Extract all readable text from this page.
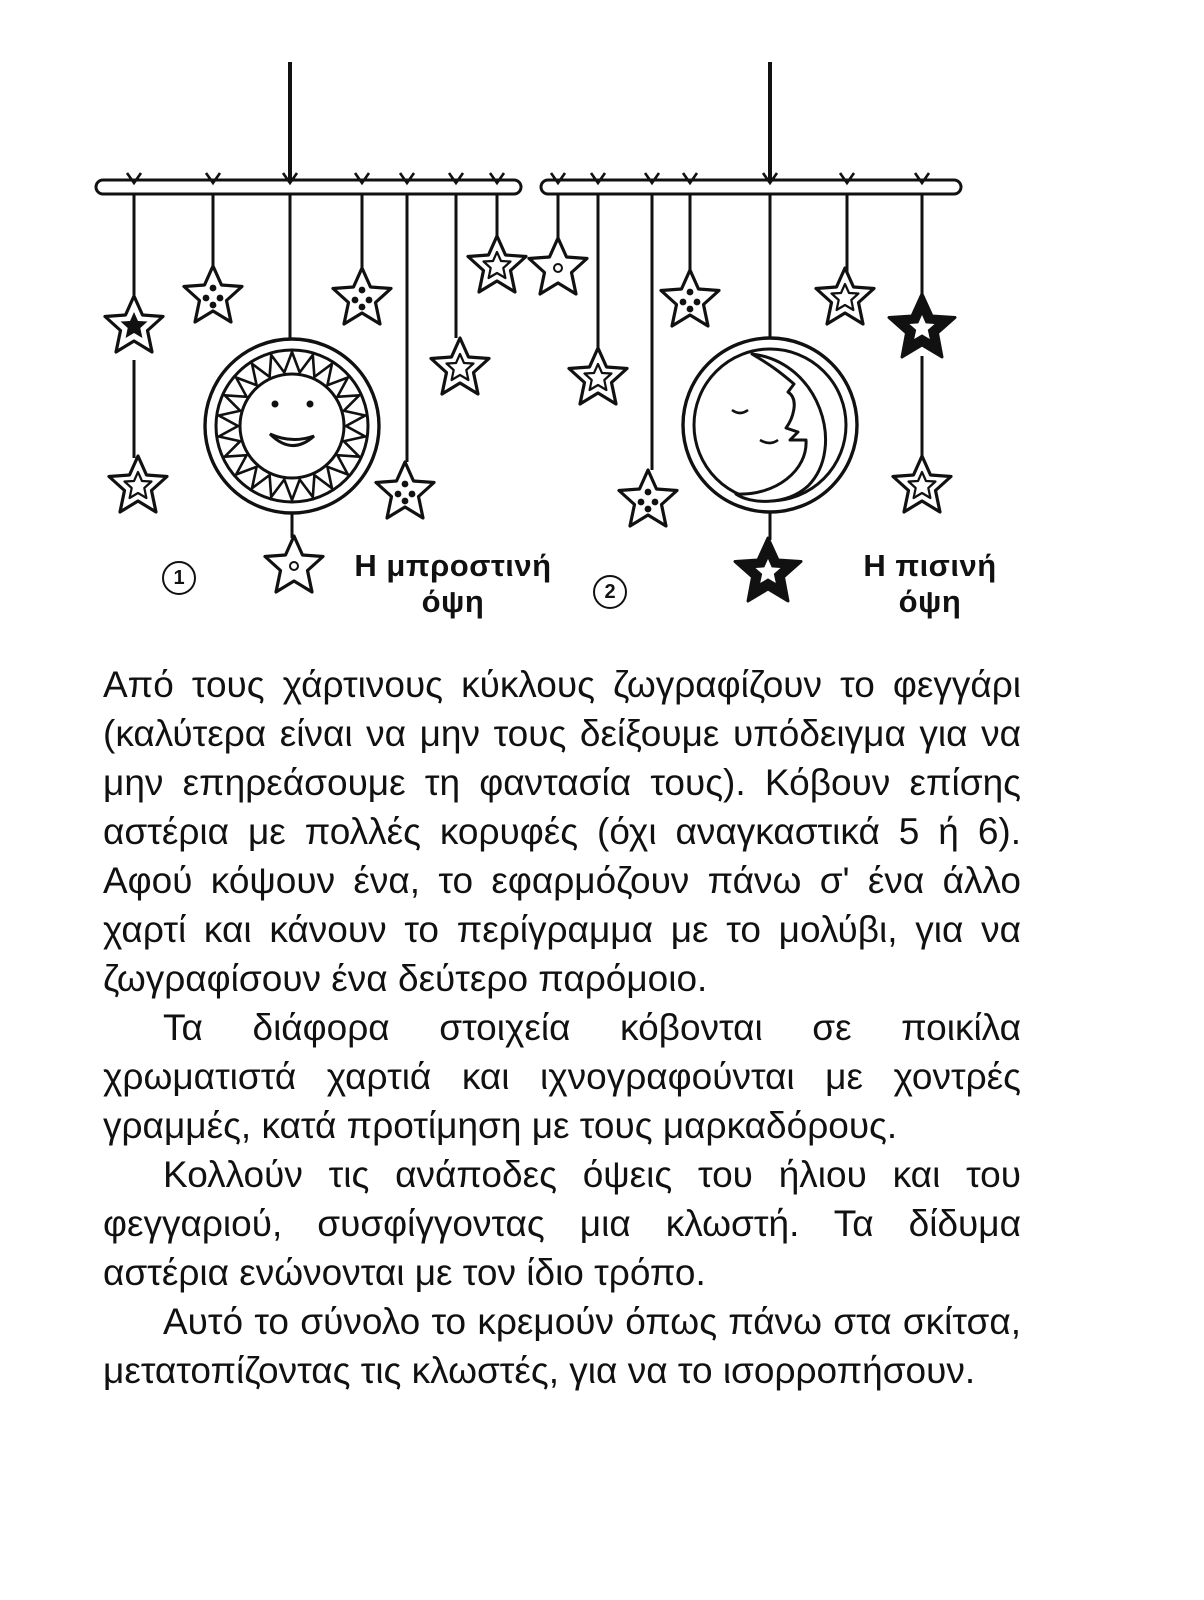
1	Η μπροστινή όψη	2
Η πισινή όψη

Από τους χάρτινους κύκλους ζωγραφίζουν το φεγγάρι (καλύτερα είναι να μην τους δείξουμε υπόδειγμα για να μην επηρεάσουμε τη φαντασία τους). Κόβουν επίσης αστέρια με πολλές κορυφές (όχι αναγκαστικά 5 ή 6). Αφού κόψουν ένα, το εφαρμόζουν πάνω σ' ένα άλλο χαρτί και κάνουν το περίγραμμα με το μολύβι, για να ζωγραφίσουν ένα δεύτερο παρόμοιο.

Τα διάφορα στοιχεία κόβονται σε ποικίλα χρωματιστά χαρτιά και ιχνογραφούνται με χοντρές γραμμές, κατά προτίμηση με τους μαρκαδόρους.

Κολλούν τις ανάποδες όψεις του ήλιου και του φεγγαριού, συσφίγγοντας μια κλωστή. Τα δίδυμα αστέρια ενώνονται με τον ίδιο τρόπο.

Αυτό το σύνολο το κρεμούν όπως πάνω στα σκίτσα, μετατοπίζοντας τις κλωστές, για να το ισορροπήσουν.
